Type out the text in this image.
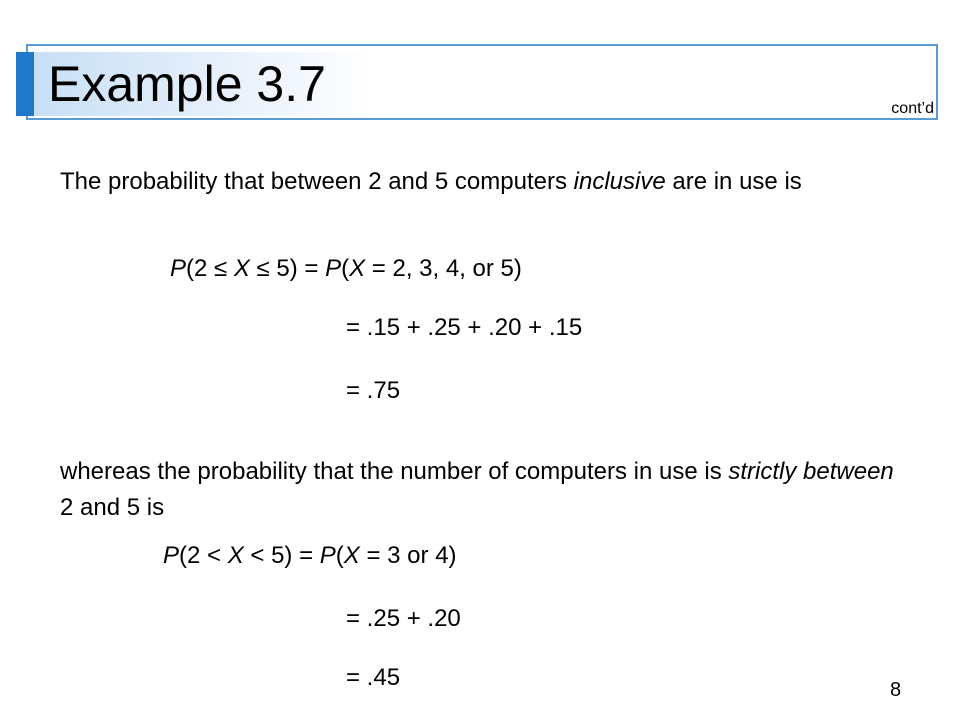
Example 3.7	cont’d
The probability that between 2 and 5 computers inclusive are in use is
P(2 ≤ X ≤ 5) = P(X = 2, 3, 4, or 5)
= .15 + .25 + .20 + .15
= .75
whereas the probability that the number of computers in use is strictly between 2 and 5 is
P(2 < X < 5) = P(X = 3 or 4)
= .25 + .20
= .45	8
